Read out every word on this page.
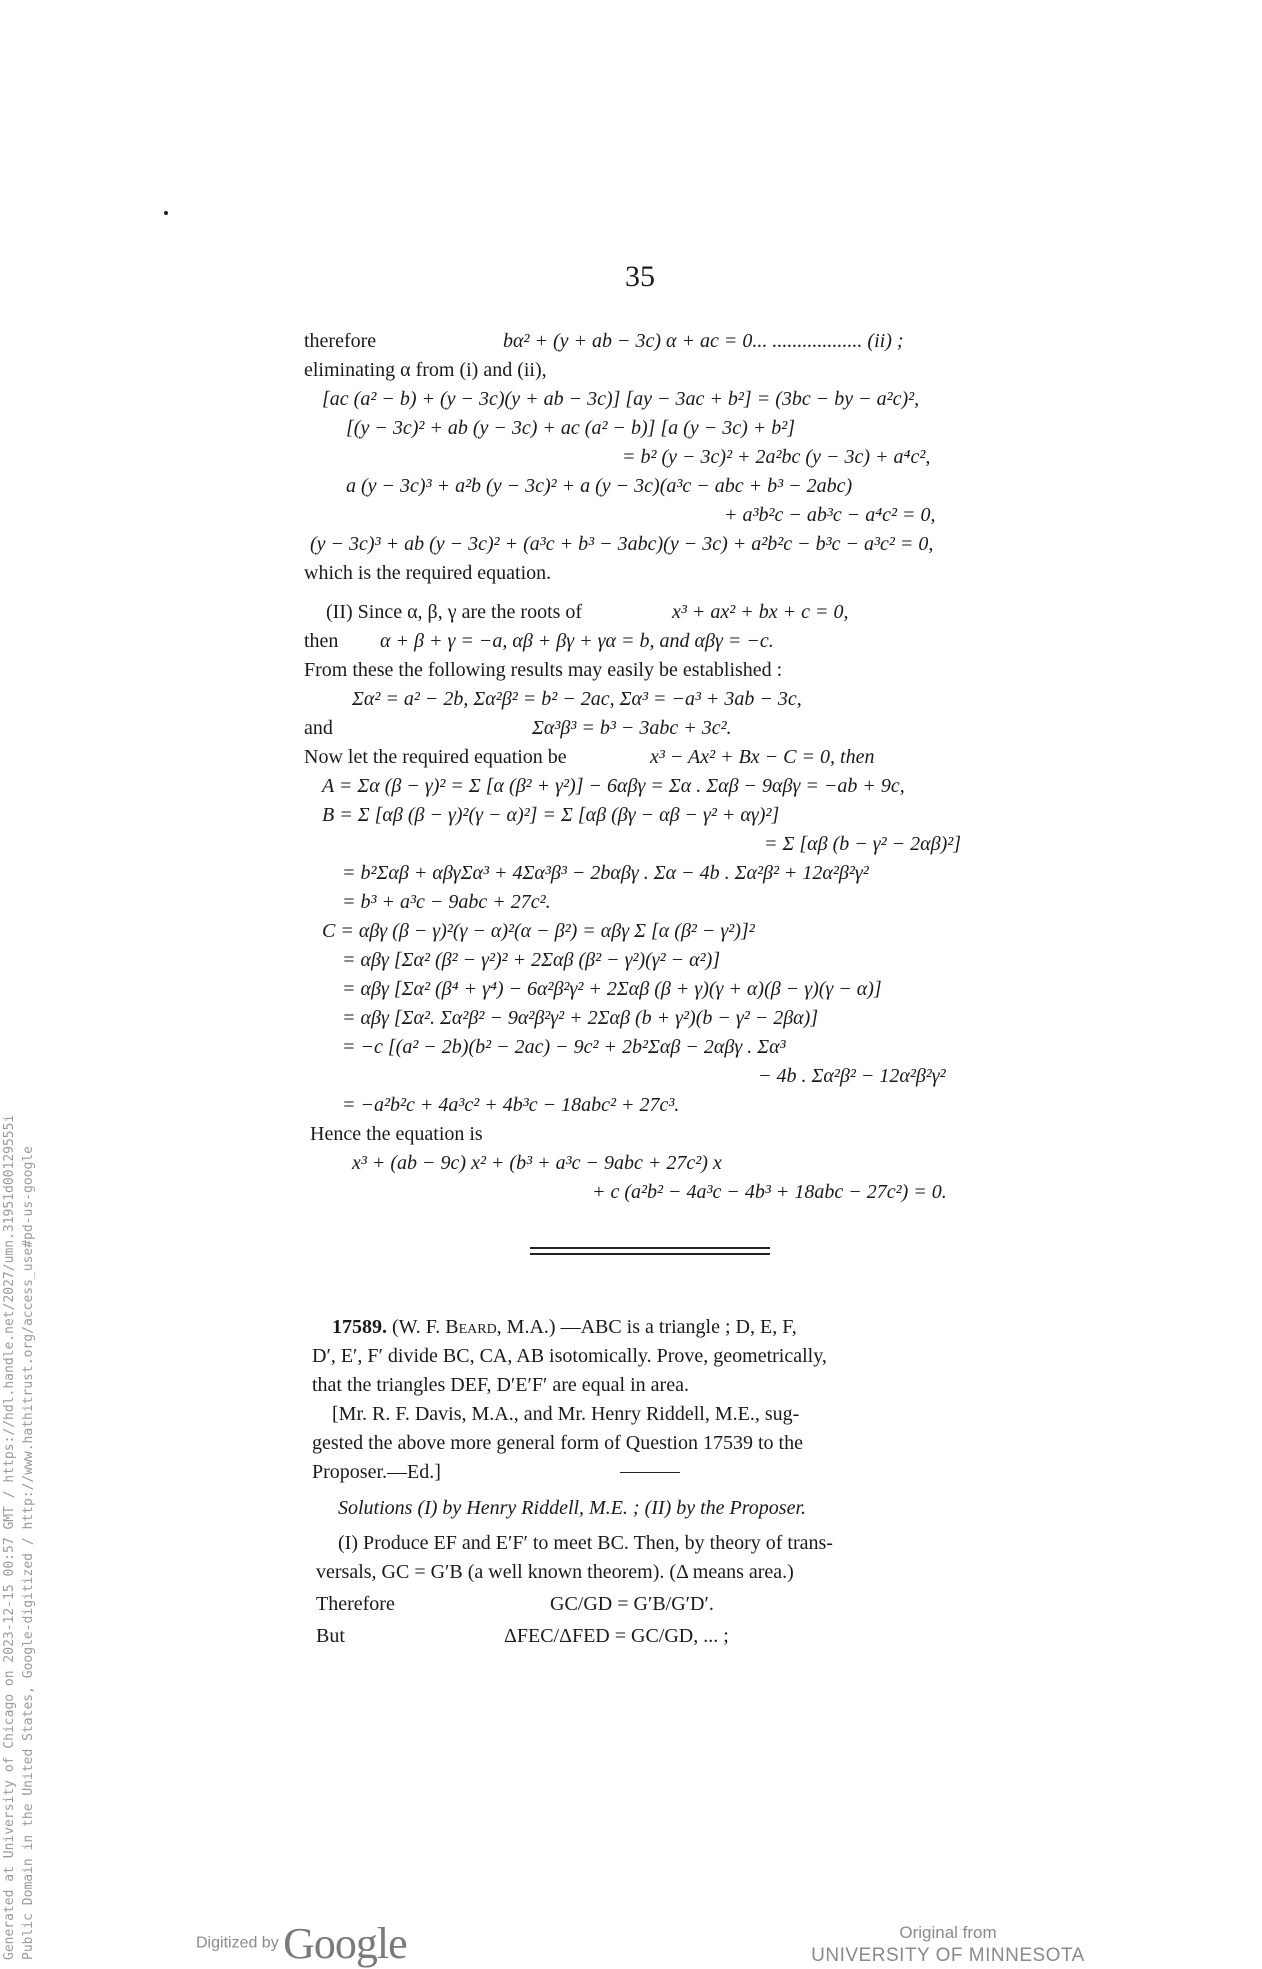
35
therefore	bα² + (y + ab − 3c) α + ac = 0... .................. (ii) ;
eliminating α from (i) and (ii),
[ac (a² − b) + (y − 3c)(y + ab − 3c)] [ay − 3ac + b²] = (3bc − by − a²c)²,
[(y − 3c)² + ab (y − 3c) + ac (a² − b)] [a (y − 3c) + b²]
= b² (y − 3c)² + 2a²bc (y − 3c) + a⁴c²,
a (y − 3c)³ + a²b (y − 3c)² + a (y − 3c)(a³c − abc + b³ − 2abc)
+ a³b²c − ab³c − a⁴c² = 0,
(y − 3c)³ + ab (y − 3c)² + (a³c + b³ − 3abc)(y − 3c) + a²b²c − b³c − a³c² = 0,
which is the required equation.
(II) Since α, β, γ are the roots of	x³ + ax² + bx + c = 0,
then α + β + γ = −a, αβ + βγ + γα = b, and αβγ = −c.
From these the following results may easily be established :
Σα² = a² − 2b, Σα²β² = b² − 2ac, Σα³ = −a³ + 3ab − 3c,
and	Σα³β³ = b³ − 3abc + 3c².
Now let the required equation be	x³ − Ax² + Bx − C = 0, then
A = Σα (β − γ)² = Σ [α (β² + γ²)] − 6αβγ = Σα . Σαβ − 9αβγ = −ab + 9c,
B = Σ [αβ (β − γ)²(γ − α)²] = Σ [αβ (βγ − αβ − γ² + αγ)²]
= Σ [αβ (b − γ² − 2αβ)²]
= b²Σαβ + αβγΣα³ + 4Σα³β³ − 2bαβγ . Σα − 4b . Σα²β² + 12α²β²γ²
= b³ + a³c − 9abc + 27c².
C = αβγ (β − γ)²(γ − α)²(α − β²) = αβγ Σ [α (β² − γ²)]²
= αβγ [Σα² (β² − γ²)² + 2Σαβ (β² − γ²)(γ² − α²)]
= αβγ [Σα² (β⁴ + γ⁴) − 6α²β²γ² + 2Σαβ (β + γ)(γ + α)(β − γ)(γ − α)]
= αβγ [Σα². Σα²β² − 9α²β²γ² + 2Σαβ (b + γ²)(b − γ² − 2βα)]
= −c [(a² − 2b)(b² − 2ac) − 9c² + 2b²Σαβ − 2αβγ . Σα³
− 4b . Σα²β² − 12α²β²γ²
= −a²b²c + 4a³c² + 4b³c − 18abc² + 27c³.
Hence the equation is
x³ + (ab − 9c) x² + (b³ + a³c − 9abc + 27c²) x
+ c (a²b² − 4a³c − 4b³ + 18abc − 27c²) = 0.
17589. (W. F. Beard, M.A.) —ABC is a triangle ; D, E, F,
D′, E′, F′ divide BC, CA, AB isotomically. Prove, geometrically,
that the triangles DEF, D′E′F′ are equal in area.
[Mr. R. F. Davis, M.A., and Mr. Henry Riddell, M.E., sug-
gested the above more general form of Question 17539 to the
Proposer.—Ed.]
Solutions (I) by Henry Riddell, M.E. ; (II) by the Proposer.
(I) Produce EF and E′F′ to meet BC. Then, by theory of trans-
versals, GC = G′B (a well known theorem). (Δ means area.)
Therefore	GC/GD = G′B/G′D′.
But	ΔFEC/ΔFED = GC/GD, ... ;
Generated at University of Chicago on 2023-12-15 00:57 GMT / https://hdl.handle.net/2027/umn.31951d00129555i Public Domain in the United States, Google-digitized / http://www.hathitrust.org/access_use#pd-us-google	Digitized by Google	Original from
UNIVERSITY OF MINNESOTA
